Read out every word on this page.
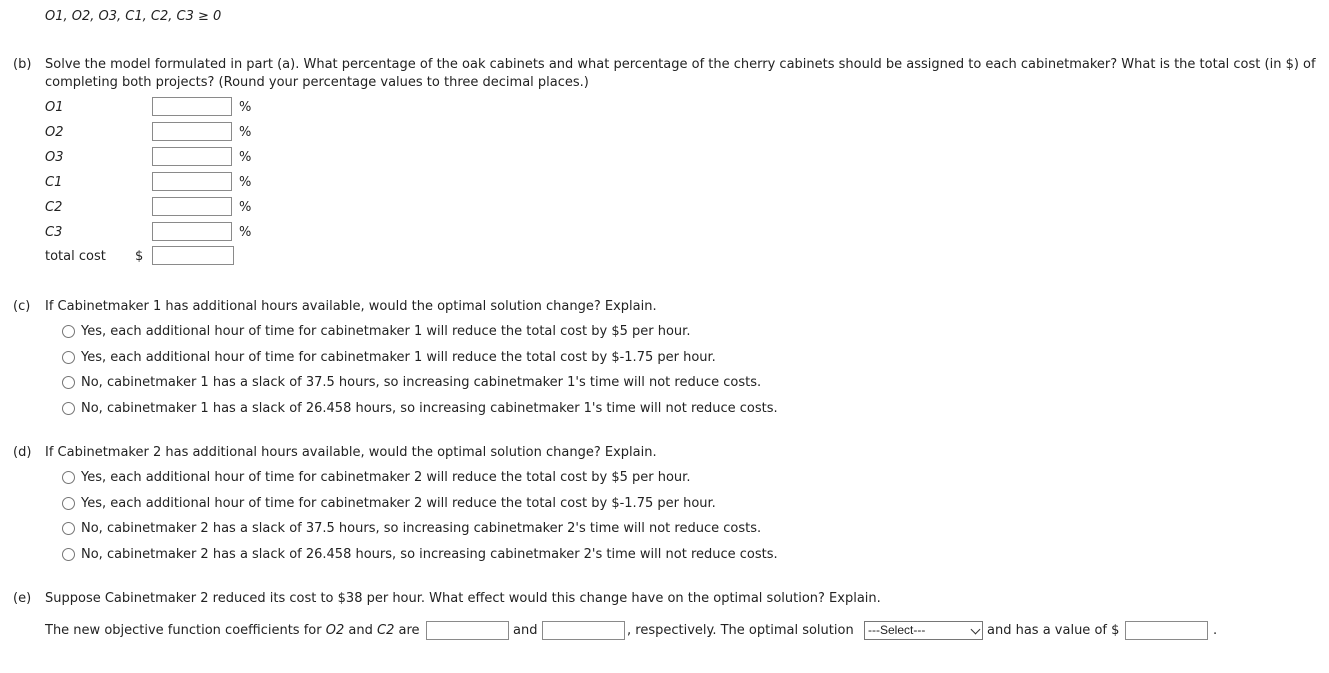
O1, O2, O3, C1, C2, C3 ≥ 0
(b) Solve the model formulated in part (a). What percentage of the oak cabinets and what percentage of the cherry cabinets should be assigned to each cabinetmaker? What is the total cost (in $) of
completing both projects? (Round your percentage values to three decimal places.)
O1	%
O2	%
O3	%
C1	%
C2	%
C3	%
total cost $
(c) If Cabinetmaker 1 has additional hours available, would the optimal solution change? Explain.
Yes, each additional hour of time for cabinetmaker 1 will reduce the total cost by $5 per hour.
Yes, each additional hour of time for cabinetmaker 1 will reduce the total cost by $-1.75 per hour.
No, cabinetmaker 1 has a slack of 37.5 hours, so increasing cabinetmaker 1's time will not reduce costs.
No, cabinetmaker 1 has a slack of 26.458 hours, so increasing cabinetmaker 1's time will not reduce costs.
(d) If Cabinetmaker 2 has additional hours available, would the optimal solution change? Explain.
Yes, each additional hour of time for cabinetmaker 2 will reduce the total cost by $5 per hour.
Yes, each additional hour of time for cabinetmaker 2 will reduce the total cost by $-1.75 per hour.
No, cabinetmaker 2 has a slack of 37.5 hours, so increasing cabinetmaker 2's time will not reduce costs.
No, cabinetmaker 2 has a slack of 26.458 hours, so increasing cabinetmaker 2's time will not reduce costs.
(e) Suppose Cabinetmaker 2 reduced its cost to $38 per hour. What effect would this change have on the optimal solution? Explain.
The new objective function coefficients for O2 and C2 are	and	, respectively. The optimal solution	---Select---	and has a value of $	.
